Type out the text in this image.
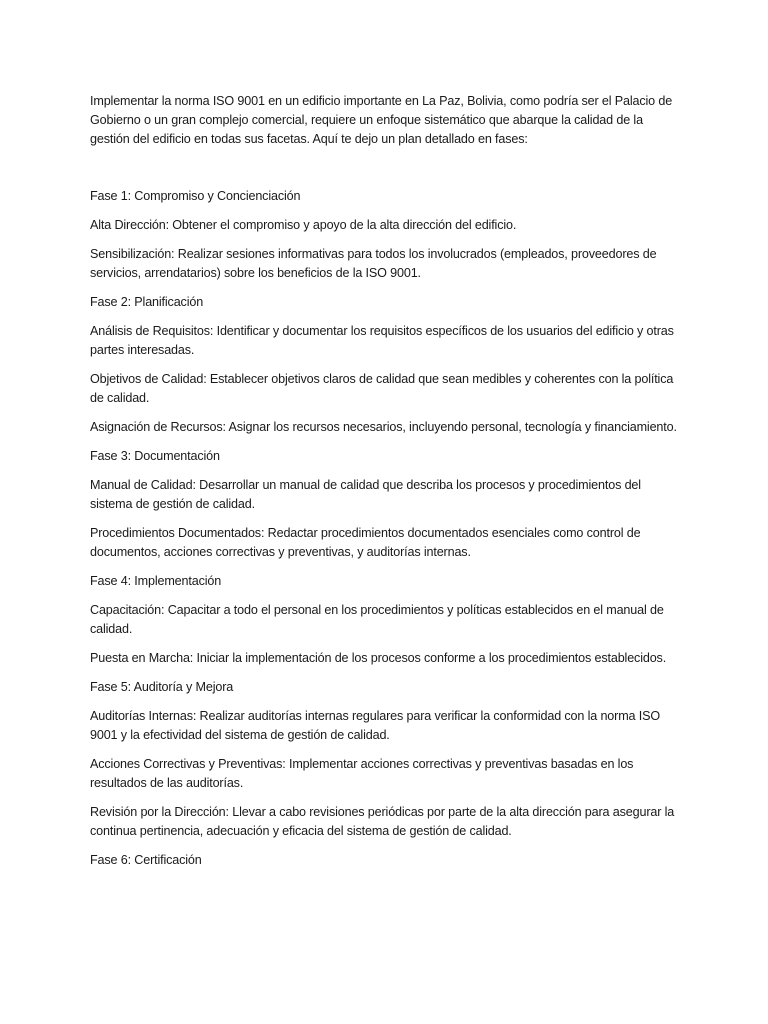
Implementar la norma ISO 9001 en un edificio importante en La Paz, Bolivia, como podría ser el Palacio de Gobierno o un gran complejo comercial, requiere un enfoque sistemático que abarque la calidad de la gestión del edificio en todas sus facetas. Aquí te dejo un plan detallado en fases:

Fase 1: Compromiso y Concienciación

Alta Dirección: Obtener el compromiso y apoyo de la alta dirección del edificio.

Sensibilización: Realizar sesiones informativas para todos los involucrados (empleados, proveedores de servicios, arrendatarios) sobre los beneficios de la ISO 9001.

Fase 2: Planificación

Análisis de Requisitos: Identificar y documentar los requisitos específicos de los usuarios del edificio y otras partes interesadas.

Objetivos de Calidad: Establecer objetivos claros de calidad que sean medibles y coherentes con la política de calidad.

Asignación de Recursos: Asignar los recursos necesarios, incluyendo personal, tecnología y financiamiento.

Fase 3: Documentación

Manual de Calidad: Desarrollar un manual de calidad que describa los procesos y procedimientos del sistema de gestión de calidad.

Procedimientos Documentados: Redactar procedimientos documentados esenciales como control de documentos, acciones correctivas y preventivas, y auditorías internas.

Fase 4: Implementación

Capacitación: Capacitar a todo el personal en los procedimientos y políticas establecidos en el manual de calidad.

Puesta en Marcha: Iniciar la implementación de los procesos conforme a los procedimientos establecidos.

Fase 5: Auditoría y Mejora

Auditorías Internas: Realizar auditorías internas regulares para verificar la conformidad con la norma ISO 9001 y la efectividad del sistema de gestión de calidad.

Acciones Correctivas y Preventivas: Implementar acciones correctivas y preventivas basadas en los resultados de las auditorías.

Revisión por la Dirección: Llevar a cabo revisiones periódicas por parte de la alta dirección para asegurar la continua pertinencia, adecuación y eficacia del sistema de gestión de calidad.

Fase 6: Certificación
